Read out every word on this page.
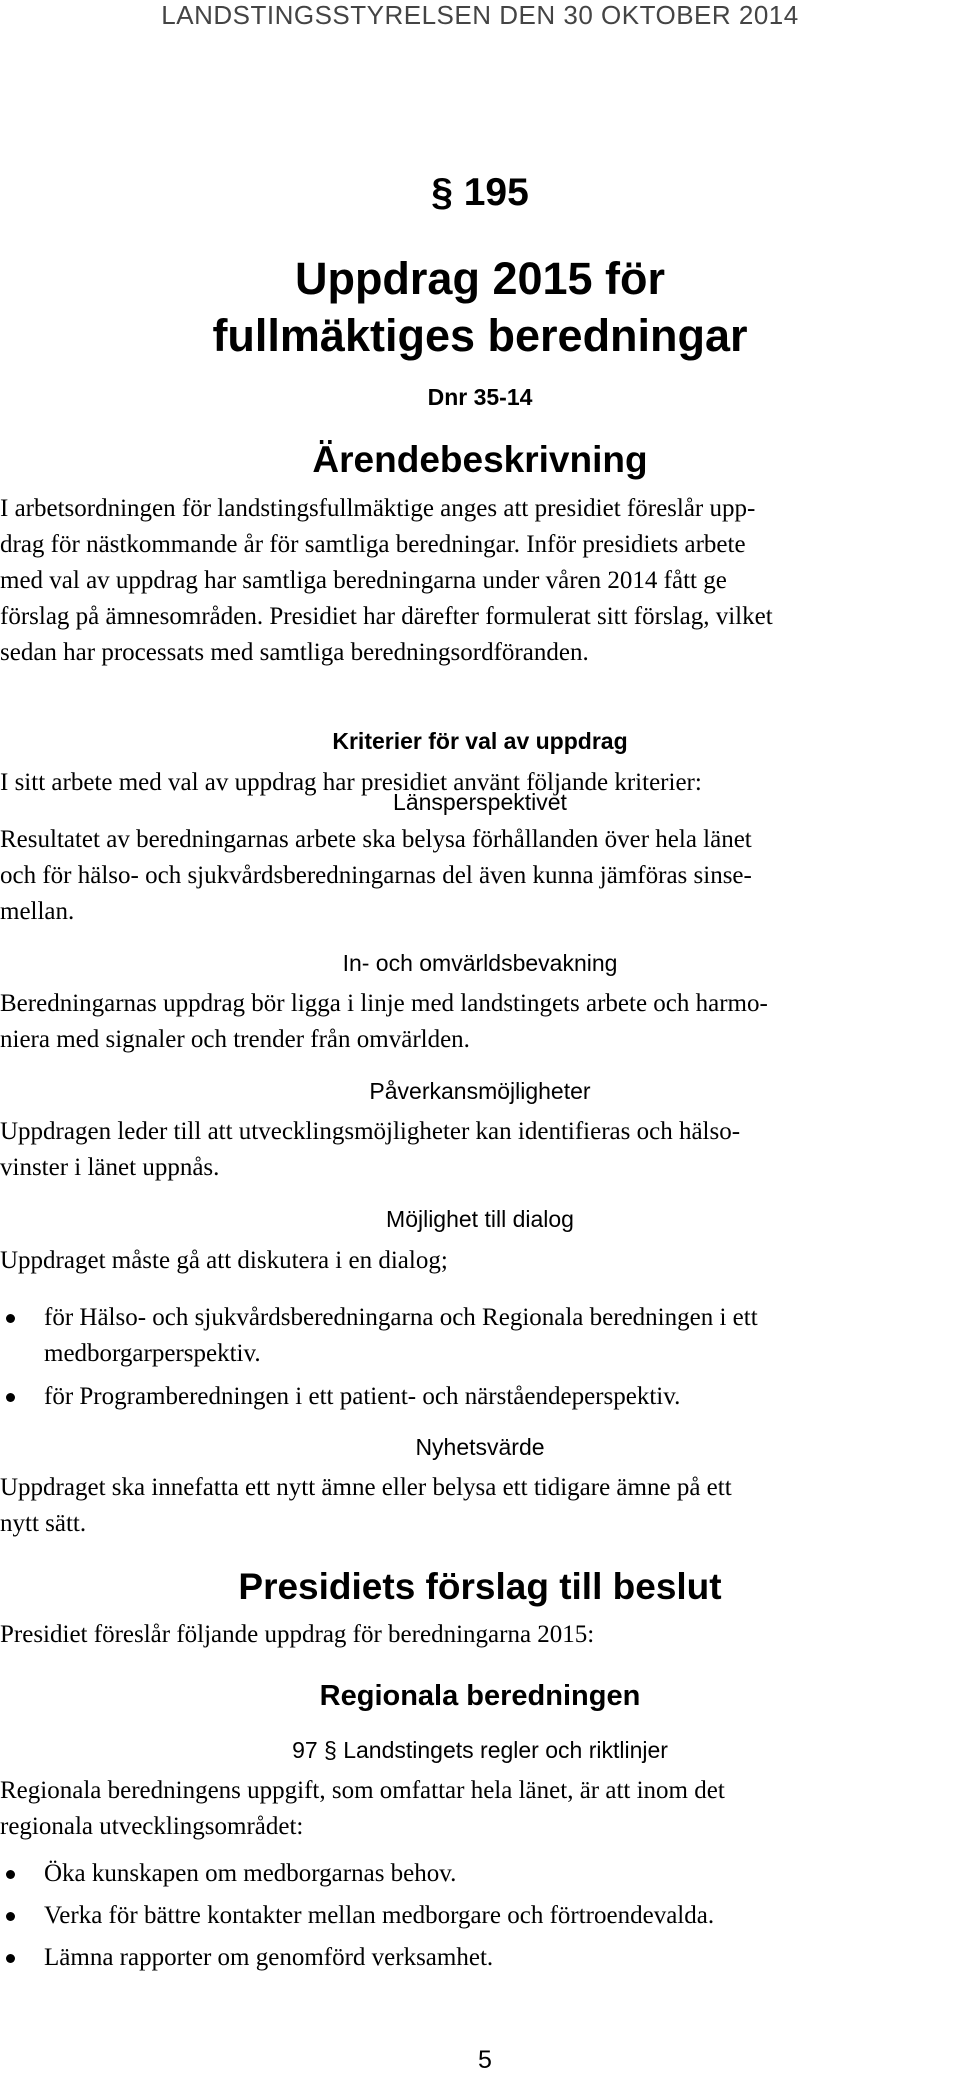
LANDSTINGSSTYRELSEN DEN 30 OKTOBER 2014
§ 195
Uppdrag 2015 för
fullmäktiges beredningar
Dnr 35-14
Ärendebeskrivning
I arbetsordningen för landstingsfullmäktige anges att presidiet föreslår upp-
drag för nästkommande år för samtliga beredningar. Inför presidiets arbete
med val av uppdrag har samtliga beredningarna under våren 2014 fått ge
förslag på ämnesområden. Presidiet har därefter formulerat sitt förslag, vilket
sedan har processats med samtliga beredningsordföranden.
Kriterier för val av uppdrag
I sitt arbete med val av uppdrag har presidiet använt följande kriterier:
Länsperspektivet
Resultatet av beredningarnas arbete ska belysa förhållanden över hela länet
och för hälso- och sjukvårdsberedningarnas del även kunna jämföras sinse-
mellan.
In- och omvärldsbevakning
Beredningarnas uppdrag bör ligga i linje med landstingets arbete och harmo-
niera med signaler och trender från omvärlden.
Påverkansmöjligheter
Uppdragen leder till att utvecklingsmöjligheter kan identifieras och hälso-
vinster i länet uppnås.
Möjlighet till dialog
Uppdraget måste gå att diskutera i en dialog;
för Hälso- och sjukvårdsberedningarna och Regionala beredningen i ett
medborgarperspektiv.
för Programberedningen i ett patient- och närståendeperspektiv.
Nyhetsvärde
Uppdraget ska innefatta ett nytt ämne eller belysa ett tidigare ämne på ett
nytt sätt.
Presidiets förslag till beslut
Presidiet föreslår följande uppdrag för beredningarna 2015:
Regionala beredningen
97 § Landstingets regler och riktlinjer
Regionala beredningens uppgift, som omfattar hela länet, är att inom det
regionala utvecklingsområdet:
Öka kunskapen om medborgarnas behov.
Verka för bättre kontakter mellan medborgare och förtroendevalda.
Lämna rapporter om genomförd verksamhet.
5
